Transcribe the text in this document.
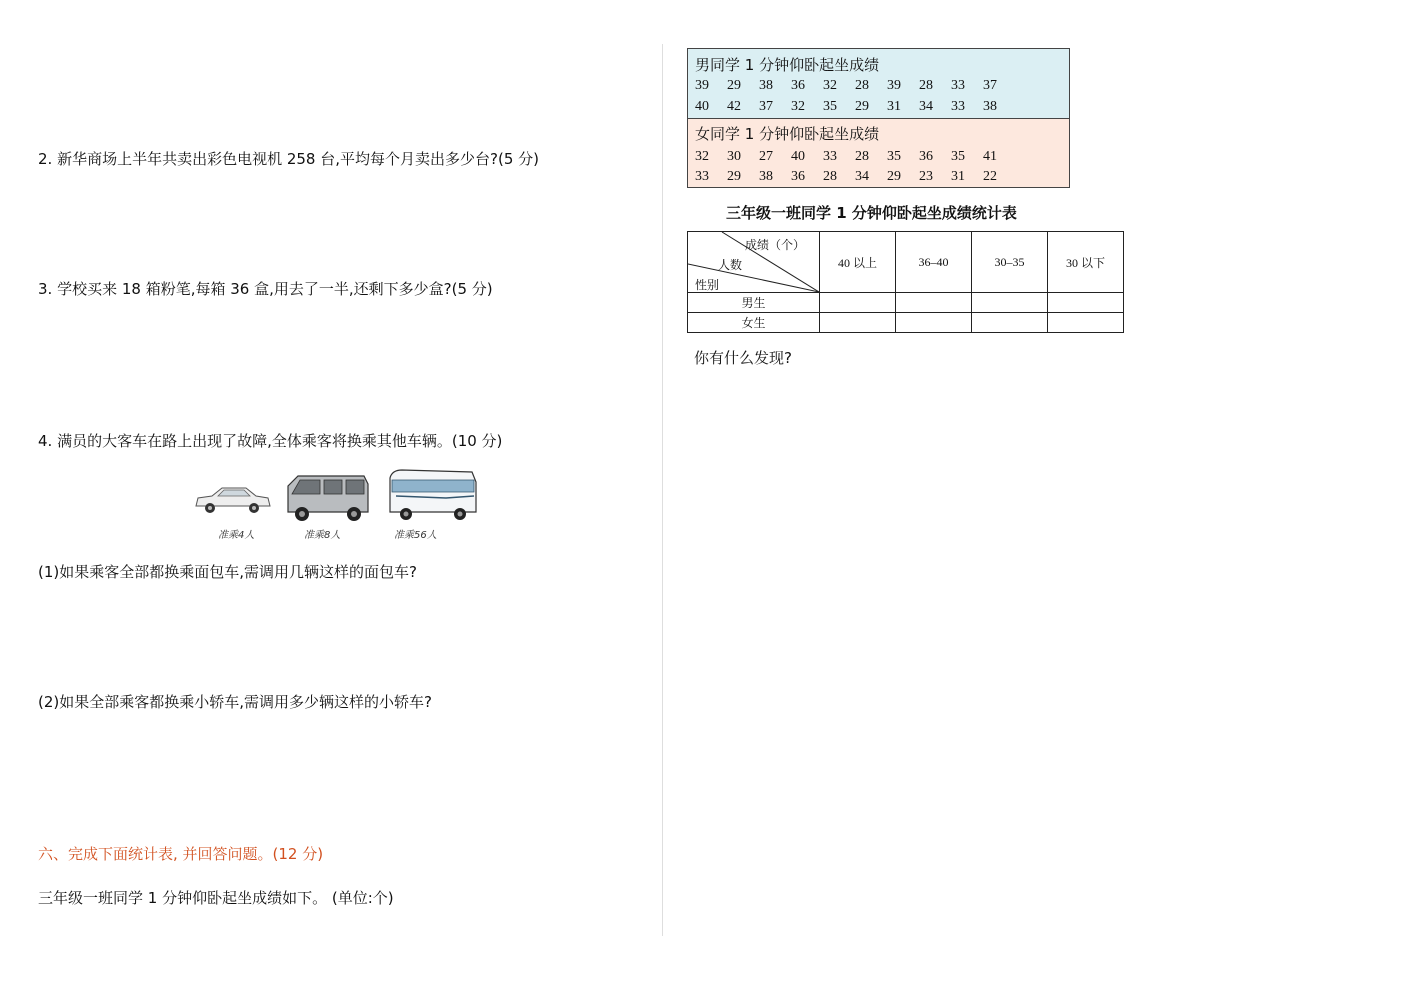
2. 新华商场上半年共卖出彩色电视机 258 台,平均每个月卖出多少台?(5 分)
3. 学校买来 18 箱粉笔,每箱 36 盒,用去了一半,还剩下多少盒?(5 分)
4. 满员的大客车在路上出现了故障,全体乘客将换乘其他车辆。(10 分)
准乘4人	准乘8人	准乘56人
(1)如果乘客全部都换乘面包车,需调用几辆这样的面包车?
(2)如果全部乘客都换乘小轿车,需调用多少辆这样的小轿车?
六、完成下面统计表, 并回答问题。(12 分)
三年级一班同学 1 分钟仰卧起坐成绩如下。 (单位:个)
男同学 1 分钟仰卧起坐成绩
39	29	38	36	32	28	39	28	33	37
40	42	37	32	35	29	31	34	33	38
女同学 1 分钟仰卧起坐成绩
32	30	27	40	33	28	35	36	35	41
33	29	38	36	28	34	29	23	31	22
三年级一班同学 1 分钟仰卧起坐成绩统计表
成绩（个）
人数
性别	40 以上	36–40	30–35	30 以下
男生				
女生				
你有什么发现?
